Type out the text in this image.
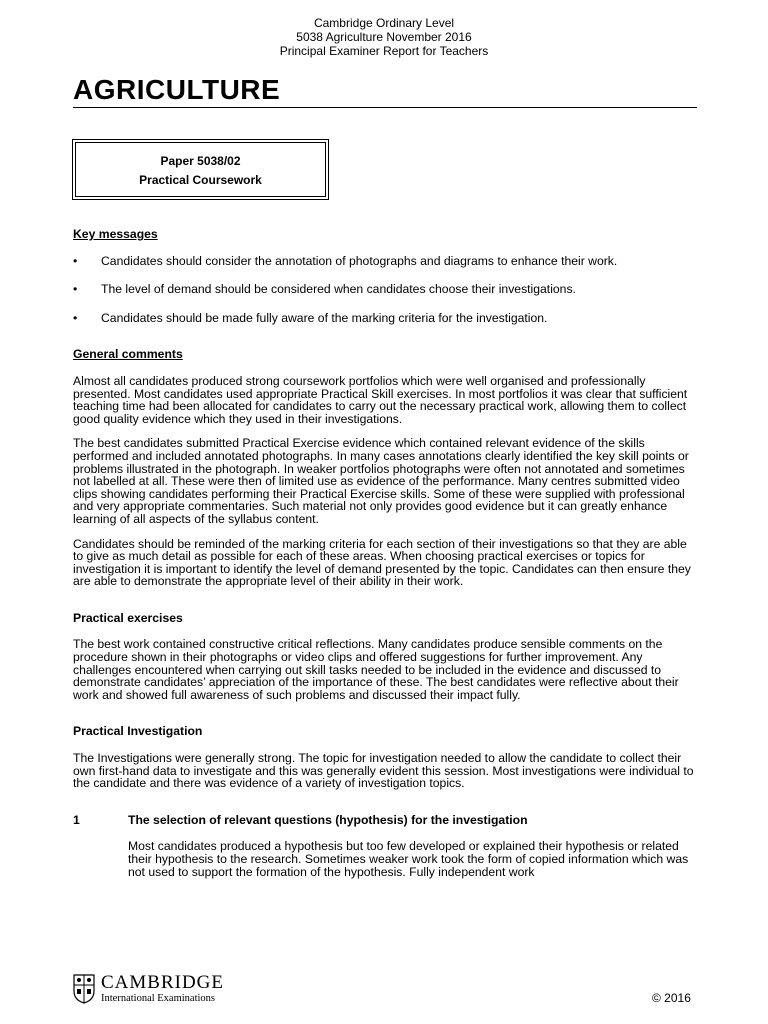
Cambridge Ordinary Level
5038 Agriculture November 2016
Principal Examiner Report for Teachers
AGRICULTURE
Paper 5038/02
Practical Coursework
Key messages
• Candidates should consider the annotation of photographs and diagrams to enhance their work.
• The level of demand should be considered when candidates choose their investigations.
• Candidates should be made fully aware of the marking criteria for the investigation.
General comments

Almost all candidates produced strong coursework portfolios which were well organised and professionally presented. Most candidates used appropriate Practical Skill exercises. In most portfolios it was clear that sufficient teaching time had been allocated for candidates to carry out the necessary practical work, allowing them to collect good quality evidence which they used in their investigations.

The best candidates submitted Practical Exercise evidence which contained relevant evidence of the skills performed and included annotated photographs. In many cases annotations clearly identified the key skill points or problems illustrated in the photograph. In weaker portfolios photographs were often not annotated and sometimes not labelled at all. These were then of limited use as evidence of the performance. Many centres submitted video clips showing candidates performing their Practical Exercise skills. Some of these were supplied with professional and very appropriate commentaries. Such material not only provides good evidence but it can greatly enhance learning of all aspects of the syllabus content.

Candidates should be reminded of the marking criteria for each section of their investigations so that they are able to give as much detail as possible for each of these areas. When choosing practical exercises or topics for investigation it is important to identify the level of demand presented by the topic. Candidates can then ensure they are able to demonstrate the appropriate level of their ability in their work.

Practical exercises

The best work contained constructive critical reflections. Many candidates produce sensible comments on the procedure shown in their photographs or video clips and offered suggestions for further improvement. Any challenges encountered when carrying out skill tasks needed to be included in the evidence and discussed to demonstrate candidates’ appreciation of the importance of these. The best candidates were reflective about their work and showed full awareness of such problems and discussed their impact fully.

Practical Investigation

The Investigations were generally strong. The topic for investigation needed to allow the candidate to collect their own first-hand data to investigate and this was generally evident this session. Most investigations were individual to the candidate and there was evidence of a variety of investigation topics.

1	The selection of relevant questions (hypothesis) for the investigation

Most candidates produced a hypothesis but too few developed or explained their hypothesis or related their hypothesis to the research. Sometimes weaker work took the form of copied information which was not used to support the formation of the hypothesis. Fully independent work

CAMBRIDGE
International Examinations	© 2016
